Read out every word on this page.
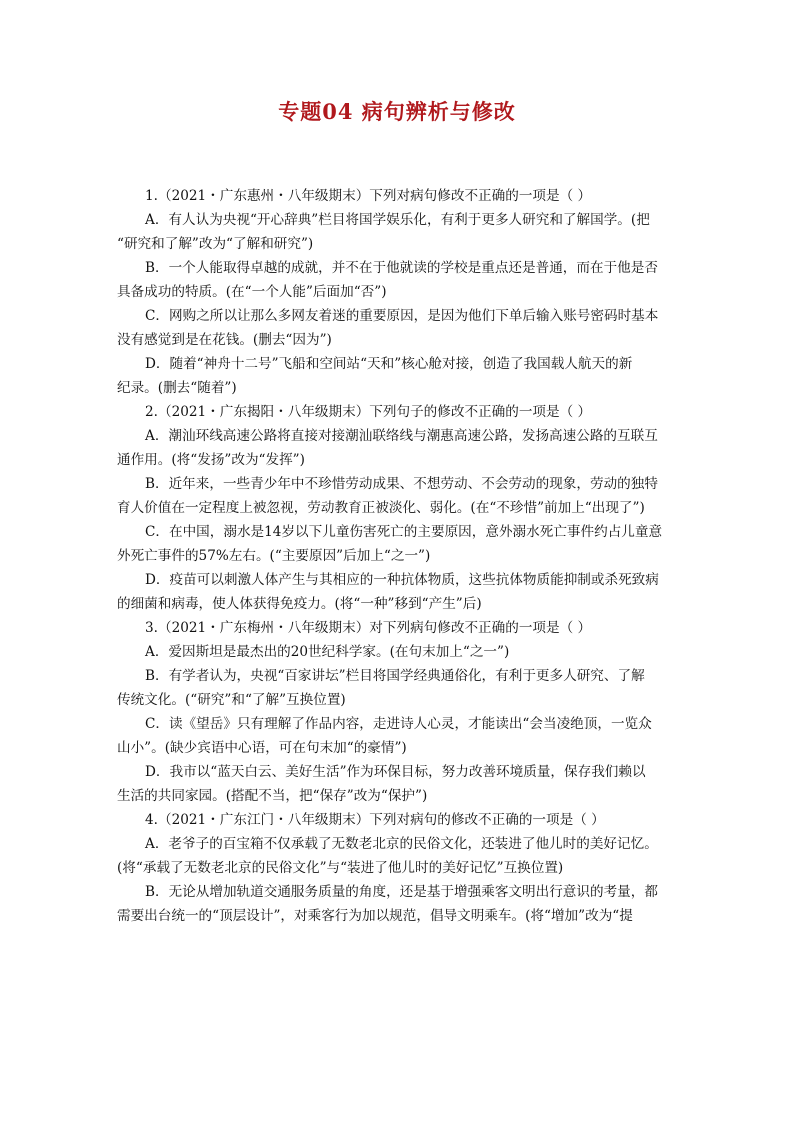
专题04 病句辨析与修改
1.（2021・广东惠州・八年级期末）下列对病句修改不正确的一项是（ ）
A．有人认为央视“开心辞典”栏目将国学娱乐化，有利于更多人研究和了解国学。(把
“研究和了解”改为“了解和研究”)
B．一个人能取得卓越的成就，并不在于他就读的学校是重点还是普通，而在于他是否
具备成功的特质。(在“一个人能”后面加“否”)
C．网购之所以让那么多网友着迷的重要原因，是因为他们下单后输入账号密码时基本
没有感觉到是在花钱。(删去“因为”)
D．随着“神舟十二号”飞船和空间站“天和”核心舱对接，创造了我国载人航天的新
纪录。(删去“随着”)
2.（2021・广东揭阳・八年级期末）下列句子的修改不正确的一项是（ ）
A．潮汕环线高速公路将直接对接潮汕联络线与潮惠高速公路，发扬高速公路的互联互
通作用。(将“发扬”改为“发挥”)
B．近年来，一些青少年中不珍惜劳动成果、不想劳动、不会劳动的现象，劳动的独特
育人价值在一定程度上被忽视，劳动教育正被淡化、弱化。(在“不珍惜”前加上“出现了”)
C．在中国，溺水是14岁以下儿童伤害死亡的主要原因，意外溺水死亡事件约占儿童意
外死亡事件的57%左右。(“主要原因”后加上“之一”)
D．疫苗可以刺激人体产生与其相应的一种抗体物质，这些抗体物质能抑制或杀死致病
的细菌和病毒，使人体获得免疫力。(将“一种”移到“产生”后)
3.（2021・广东梅州・八年级期末）对下列病句修改不正确的一项是（ ）
A．爱因斯坦是最杰出的20世纪科学家。(在句末加上“之一”)
B．有学者认为，央视“百家讲坛”栏目将国学经典通俗化，有利于更多人研究、了解
传统文化。(“研究”和“了解”互换位置)
C．读《望岳》只有理解了作品内容，走进诗人心灵，才能读出“会当凌绝顶，一览众
山小”。(缺少宾语中心语，可在句末加“的豪情”)
D．我市以“蓝天白云、美好生活”作为环保目标，努力改善环境质量，保存我们赖以
生活的共同家园。(搭配不当，把“保存”改为“保护”)
4.（2021・广东江门・八年级期末）下列对病句的修改不正确的一项是（ ）
A．老爷子的百宝箱不仅承载了无数老北京的民俗文化，还装进了他儿时的美好记忆。
(将“承载了无数老北京的民俗文化”与“装进了他儿时的美好记忆”互换位置)
B．无论从增加轨道交通服务质量的角度，还是基于增强乘客文明出行意识的考量，都
需要出台统一的“顶层设计”，对乘客行为加以规范，倡导文明乘车。(将“增加”改为“提
